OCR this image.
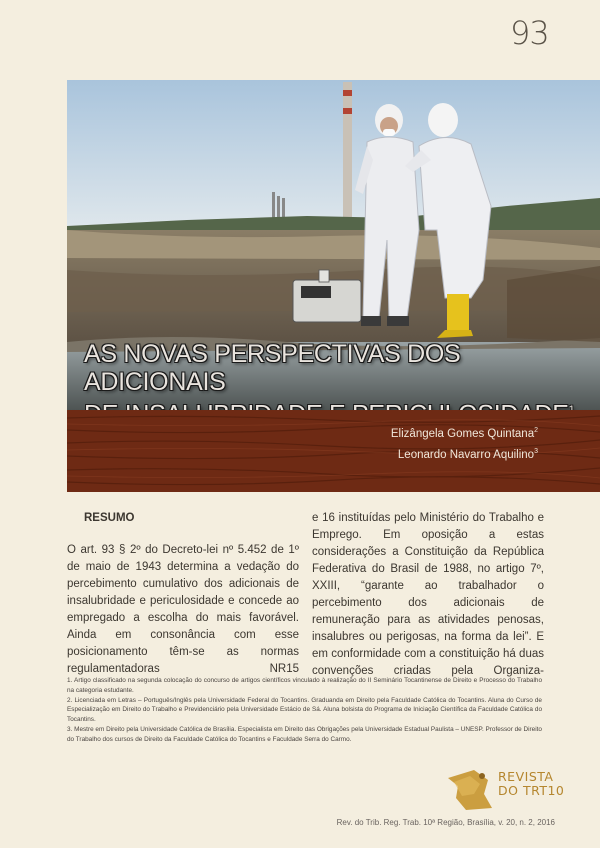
93
AS NOVAS PERSPECTIVAS DOS ADICIONAIS
Elizângela Gomes Quintana$^2$
Leonardo Navarro Aquilino$^3$
RESUMO
O art. 93 § 2º do Decreto-lei nº 5.452 de 1º de maio de 1943 determina a vedação do percebimento cumulativo dos adicionais de insalubridade e periculosidade e concede ao empregado a escolha do mais favorável. Ainda em consonância com esse posicionamento têm-se as normas regulamentadoras NR15
e 16 instituídas pelo Ministério do Trabalho e Emprego. Em oposição a estas considerações a Constituição da República Federativa do Brasil de 1988, no artigo 7º, XXIII, “garante ao trabalhador o percebimento dos adicionais de remuneração para as atividades penosas, insalubres ou perigosas, na forma da lei”. E em conformidade com a constituição há duas convenções criadas pela Organiza-

1. Artigo classificado na segunda colocação do concurso de artigos científicos vinculado à realização do II Seminário Tocantinense de Direito e Processo do Trabalho na categoria estudante.

2. Licenciada em Letras – Português/Inglês pela Universidade Federal do Tocantins. Graduanda em Direito pela Faculdade Católica do Tocantins. Aluna do Curso de Especialização em Direito do Trabalho e Previdenciário pela Universidade Estácio de Sá. Aluna bolsista do Programa de Iniciação Científica da Faculdade Católica do Tocantins.

3. Mestre em Direito pela Universidade Católica de Brasília. Especialista em Direito das Obrigações pela Universidade Estadual Paulista – UNESP. Professor de Direito do Trabalho dos cursos de Direito da Faculdade Católica do Tocantins e Faculdade Serra do Carmo.

REVISTA
DO TRT10
Rev. do Trib. Reg. Trab. 10ª Região, Brasília, v. 20, n. 2, 2016
